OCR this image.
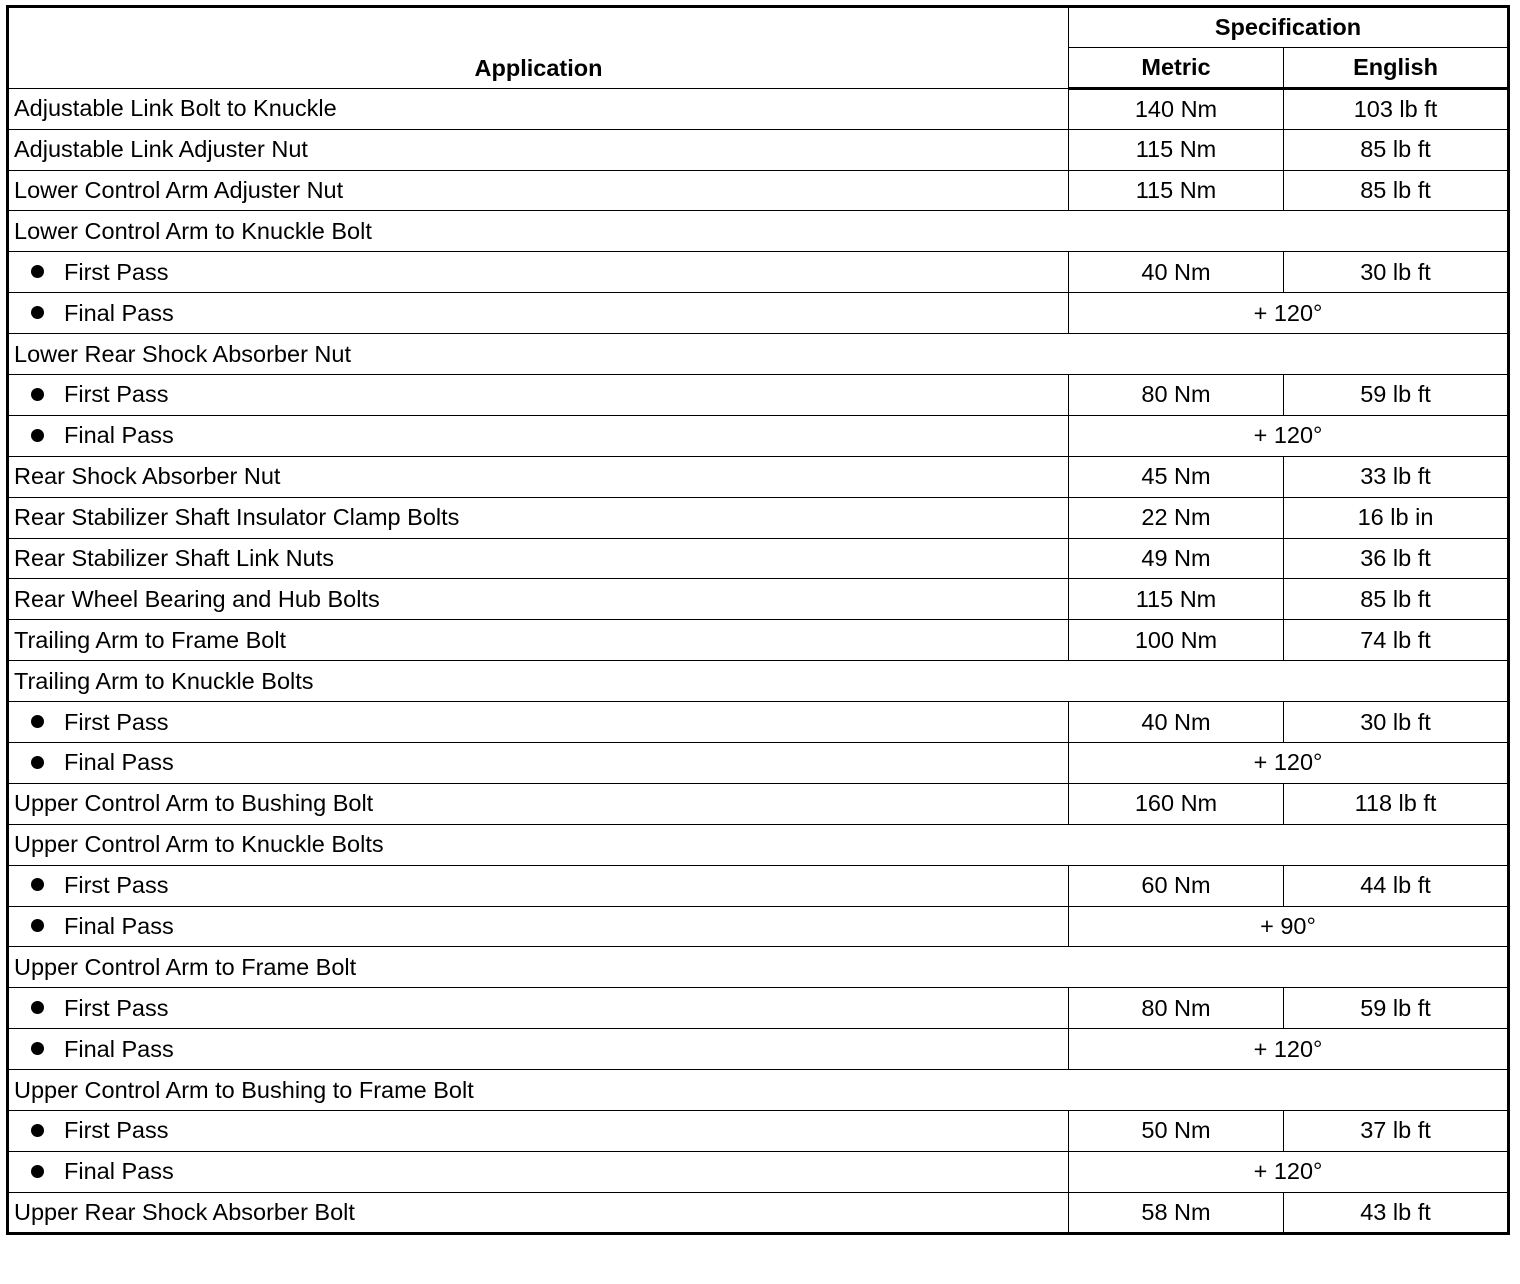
Application	Specification	
	Metric	English
Adjustable Link Bolt to Knuckle	140 Nm	103 lb ft
Adjustable Link Adjuster Nut	115 Nm	85 lb ft
Lower Control Arm Adjuster Nut	115 Nm	85 lb ft
Lower Control Arm to Knuckle Bolt		
First Pass	40 Nm	30 lb ft
Final Pass	+ 120°	
Lower Rear Shock Absorber Nut		
First Pass	80 Nm	59 lb ft
Final Pass	+ 120°	
Rear Shock Absorber Nut	45 Nm	33 lb ft
Rear Stabilizer Shaft Insulator Clamp Bolts	22 Nm	16 lb in
Rear Stabilizer Shaft Link Nuts	49 Nm	36 lb ft
Rear Wheel Bearing and Hub Bolts	115 Nm	85 lb ft
Trailing Arm to Frame Bolt	100 Nm	74 lb ft
Trailing Arm to Knuckle Bolts		
First Pass	40 Nm	30 lb ft
Final Pass	+ 120°	
Upper Control Arm to Bushing Bolt	160 Nm	118 lb ft
Upper Control Arm to Knuckle Bolts		
First Pass	60 Nm	44 lb ft
Final Pass	+ 90°	
Upper Control Arm to Frame Bolt		
First Pass	80 Nm	59 lb ft
Final Pass	+ 120°	
Upper Control Arm to Bushing to Frame Bolt		
First Pass	50 Nm	37 lb ft
Final Pass	+ 120°	
Upper Rear Shock Absorber Bolt	58 Nm	43 lb ft
